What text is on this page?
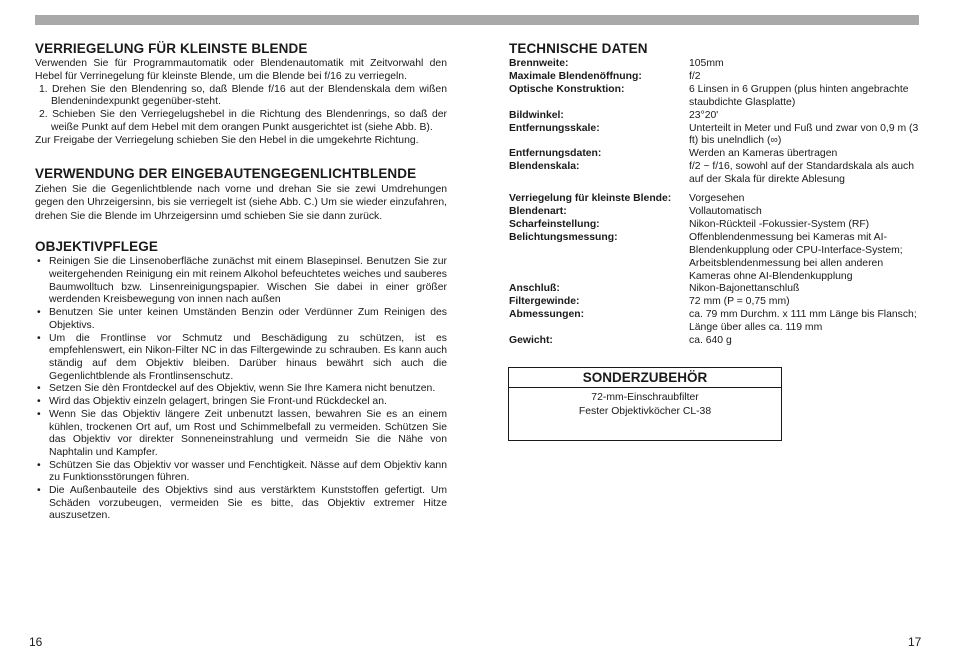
VERRIEGELUNG FÜR KLEINSTE BLENDE

Verwenden Sie für Programmautomatik oder Blendenautomatik mit Zeitvorwahl den Hebel für Verrinegelung für kleinste Blende, um die Blende bei f/16 zu verriegeln.

1. Drehen Sie den Blendenring so, daß Blende f/16 aut der Blendenskala dem wißen Blendenindexpunkt gegenüber-steht.
2. Schieben Sie den Verriegelugshebel in die Richtung des Blendenrings, so daß der weiße Punkt auf dem Hebel mit dem orangen Punkt ausgerichtet ist (siehe Abb. B).

Zur Freigabe der Verriegelung schieben Sie den Hebel in die umgekehrte Richtung.

VERWENDUNG DER EINGEBAUTENGEGENLICHTBLENDE

Ziehen Sie die Gegenlichtblende nach vorne und drehan Sie sie zewi Umdrehungen gegen den Uhrzeigersinn, bis sie verriegelt ist (siehe Abb. C.) Um sie wieder einzufahren, drehen Sie die Blende im Uhrzeigersinn umd schieben Sie sie dann zurück.

OBJEKTIVPFLEGE
• Reinigen Sie die Linsenoberfläche zunächst mit einem Blasepinsel. Benutzen Sie zur weitergehenden Reinigung ein mit reinem Alkohol befeuchtetes weiches und sauberes Baumwolltuch bzw. Linsenreinigungspapier. Wischen Sie dabei in einer größer werdenden Kreisbewegung von innen nach außen
• Benutzen Sie unter keinen Umständen Benzin oder Verdünner Zum Reinigen des Objektivs.
• Um die Frontlinse vor Schmutz und Beschädigung zu schützen, ist es empfehlenswert, ein Nikon-Filter NC in das Filtergewinde zu schrauben. Es kann auch ständig auf dem Objektiv bleiben. Darüber hinaus bewährt sich auch die Gegenlichtblende als Frontlinsenschutz.
• Setzen Sie dèn Frontdeckel auf des Objektiv, wenn Sie Ihre Kamera nicht benutzen.
• Wird das Objektiv einzeln gelagert, bringen Sie Front-und Rückdeckel an.
• Wenn Sie das Objektiv längere Zeit unbenutzt lassen, bewahren Sie es an einem kühlen, trockenen Ort auf, um Rost und Schimmelbefall zu vermeiden. Schützen Sie das Objektiv vor direkter Sonneneinstrahlung und vermeidn Sie die Nähe von Naphtalin und Kampfer.
• Schützen Sie das Objektiv vor wasser und Fenchtigkeit. Nässe auf dem Objektiv kann zu Funktionsstörungen führen.
• Die Außenbauteile des Objektivs sind aus verstärktem Kunststoffen gefertigt. Um Schäden vorzubeugen, vermeiden Sie es bitte, das Objektiv extremer Hitze auszusetzen.
TECHNISCHE DATEN
Brennweite:	105mm
Maximale Blendenöffnung:	f/2
Optische Konstruktion:	6 Linsen in 6 Gruppen (plus hinten angebrachte staubdichte Glasplatte)
Bildwinkel:	23°20'
Entfernungsskale:	Unterteilt in Meter und Fuß und zwar von 0,9 m (3 ft) bis unelndlich (∞)
Entfernungsdaten:	Werden an Kameras übertragen
Blendenskala:	f/2 ~ f/16, sowohl auf der Standardskala als auch auf der Skala für direkte Ablesung

Verriegelung für kleinste Blende:	Vorgesehen
Blendenart:	Vollautomatisch
Scharfeinstellung:	Nikon-Rückteil -Fokussier-System (RF)
Belichtungsmessung:	Offenblendenmessung bei Kameras mit AI-Blendenkupplung oder CPU-Interface-System; Arbeitsblendenmessung bei allen anderen Kameras ohne AI-Blendenkupplung
Anschluß:	Nikon-Bajonettanschluß
Filtergewinde:	72 mm (P = 0,75 mm)
Abmessungen:	ca. 79 mm Durchm. x 111 mm Länge bis Flansch; Länge über alles ca. 119 mm
Gewicht:	ca. 640 g
SONDERZUBEHÖR
72-mm-Einschraubfilter
Fester Objektivköcher CL-38
16	17
